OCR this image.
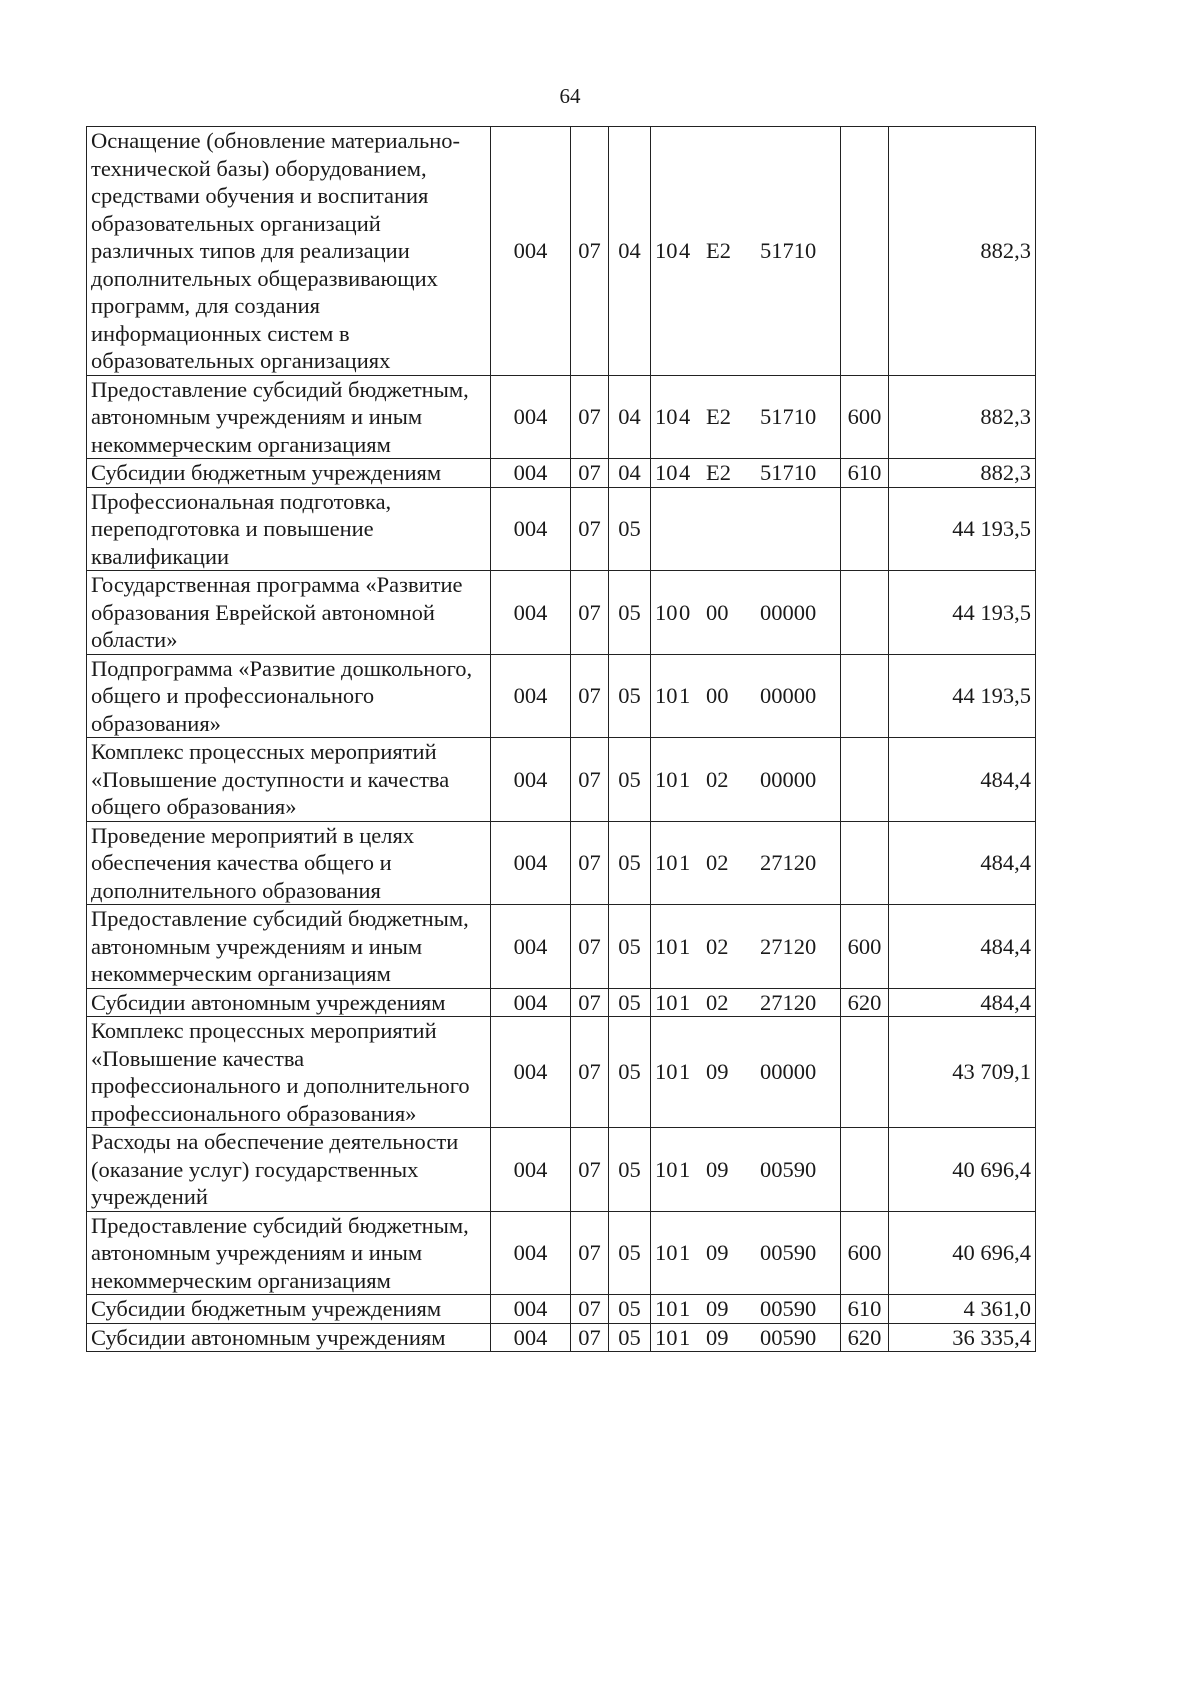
64
Оснащение (обновление материально-технической базы) оборудованием, средствами обучения и воспитания образовательных организаций различных типов для реализации дополнительных общеразвивающих программ, для создания информационных систем в образовательных организациях	004	07	04	104 E2 51710		882,3
Предоставление субсидий бюджетным, автономным учреждениям и иным некоммерческим организациям	004	07	04	104 E2 51710	600	882,3
Субсидии бюджетным учреждениям	004	07	04	104 E2 51710	610	882,3
Профессиональная подготовка, переподготовка и повышение квалификации	004	07	05			44 193,5
Государственная программа «Развитие образования Еврейской автономной области»	004	07	05	100 00 00000		44 193,5
Подпрограмма «Развитие дошкольного, общего и профессионального образования»	004	07	05	101 00 00000		44 193,5
Комплекс процессных мероприятий «Повышение доступности и качества общего образования»	004	07	05	101 02 00000		484,4
Проведение мероприятий в целях обеспечения качества общего и дополнительного образования	004	07	05	101 02 27120		484,4
Предоставление субсидий бюджетным, автономным учреждениям и иным некоммерческим организациям	004	07	05	101 02 27120	600	484,4
Субсидии автономным учреждениям	004	07	05	101 02 27120	620	484,4
Комплекс процессных мероприятий «Повышение качества профессионального и дополнительного профессионального образования»	004	07	05	101 09 00000		43 709,1
Расходы на обеспечение деятельности (оказание услуг) государственных учреждений	004	07	05	101 09 00590		40 696,4
Предоставление субсидий бюджетным, автономным учреждениям и иным некоммерческим организациям	004	07	05	101 09 00590	600	40 696,4
Субсидии бюджетным учреждениям	004	07	05	101 09 00590	610	4 361,0
Субсидии автономным учреждениям	004	07	05	101 09 00590	620	36 335,4
